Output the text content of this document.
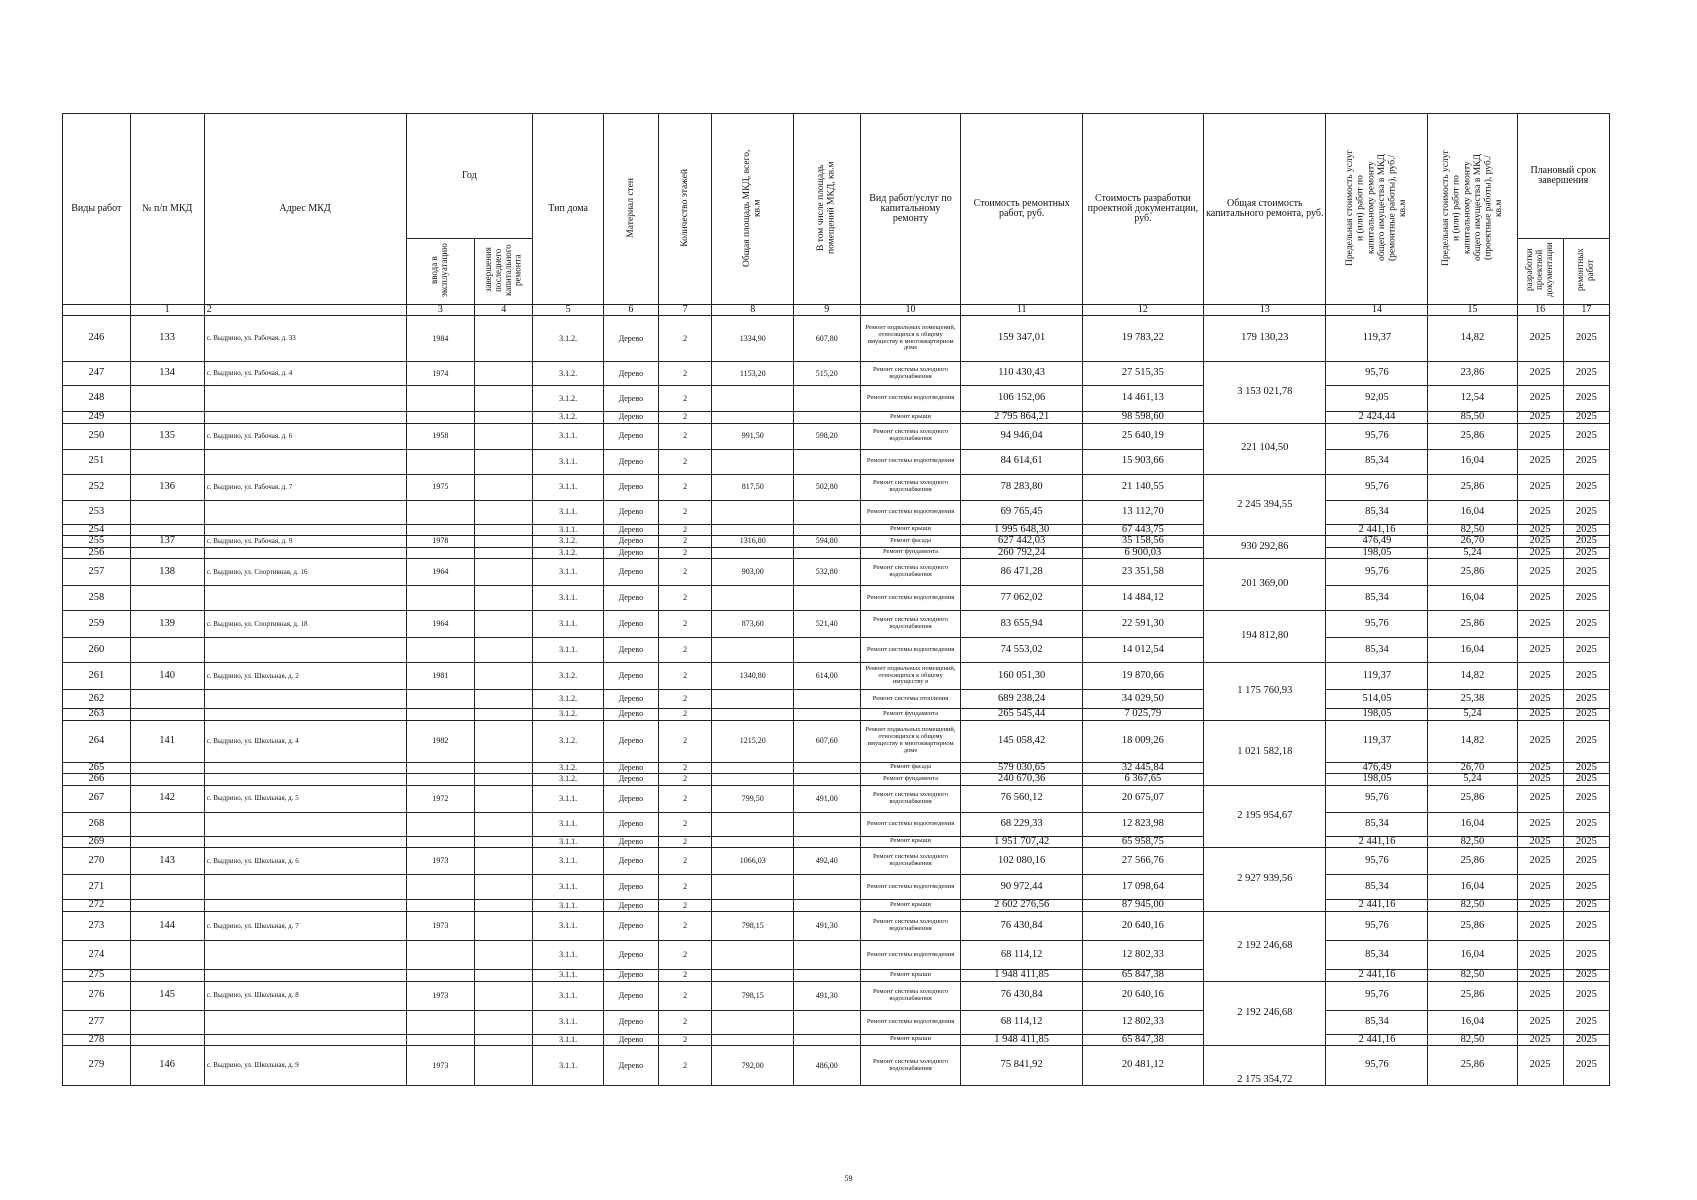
Виды работ	№ п/п МКД	Адрес МКД	Год		Тип дома	Материал стен	Количество этажей	Общая площадь МКД, всего, кв.м	В том числе площадь помещений МКД, кв.м	Вид работ/услуг по капитальному ремонту	Стоимость ремонтных работ, руб.	Стоимость разработки проектной документации, руб.	Общая стоимость капитального ремонта, руб.	Предельная стоимость услуг и (или) работ по капитальному ремонту общего имущества в МКД (ремонтные работы), руб./кв.м	Предельная стоимость услуг и (или) работ по капитальному ремонту общего имущества в МКД (проектные работы), руб./кв.м	Плановый срок завершения	
			ввода в эксплуатацию	завершения последнего капитального ремонта												разработки проектной документации	ремонтных работ
	1	2	3	4	5	6	7	8	9	10	11	12	13	14	15	16	17
246	133	с. Выдрино, ул. Рабочая, д. 33	1984		3.1.2.	Дерево	2	1334,90	607,80	Ремонт подвальных помещений, относящихся к общему имуществу в многоквартирном доме	159 347,01	19 783,22	179 130,23	119,37	14,82	2025	2025
247	134	с. Выдрино, ул. Рабочая, д. 4	1974		3.1.2.	Дерево	2	1153,20	515,20	Ремонт системы холодного водоснабжения	110 430,43	27 515,35	3 153 021,78	95,76	23,86	2025	2025
248					3.1.2.	Дерево	2			Ремонт системы водоотведения	106 152,06	14 461,13		92,05	12,54	2025	2025
249					3.1.2.	Дерево	2			Ремонт крыши	2 795 864,21	98 598,60		2 424,44	85,50	2025	2025
250	135	с. Выдрино, ул. Рабочая, д. 6	1958		3.1.1.	Дерево	2	991,50	598,20	Ремонт системы холодного водоснабжения	94 946,04	25 640,19	221 104,50	95,76	25,86	2025	2025
251					3.1.1.	Дерево	2			Ремонт системы водоотведения	84 614,61	15 903,66		85,34	16,04	2025	2025
252	136	с. Выдрино, ул. Рабочая, д. 7	1975		3.1.1.	Дерево	2	817,50	502,80	Ремонт системы холодного водоснабжения	78 283,80	21 140,55	2 245 394,55	95,76	25,86	2025	2025
253					3.1.1.	Дерево	2			Ремонт системы водоотведения	69 765,45	13 112,70		85,34	16,04	2025	2025
254					3.1.1.	Дерево	2			Ремонт крыши	1 995 648,30	67 443,75		2 441,16	82,50	2025	2025
255	137	с. Выдрино, ул. Рабочая, д. 9	1978		3.1.2.	Дерево	2	1316,80	594,80	Ремонт фасада	627 442,03	35 158,56	930 292,86	476,49	26,70	2025	2025
256					3.1.2.	Дерево	2			Ремонт фундамента	260 792,24	6 900,03		198,05	5,24	2025	2025
257	138	с. Выдрино, ул. Спортивная, д. 16	1964		3.1.1.	Дерево	2	903,00	532,80	Ремонт системы холодного водоснабжения	86 471,28	23 351,58	201 369,00	95,76	25,86	2025	2025
258					3.1.1.	Дерево	2			Ремонт системы водоотведения	77 062,02	14 484,12		85,34	16,04	2025	2025
259	139	с. Выдрино, ул. Спортивная, д. 18	1964		3.1.1.	Дерево	2	873,60	521,40	Ремонт системы холодного водоснабжения	83 655,94	22 591,30	194 812,80	95,76	25,86	2025	2025
260					3.1.1.	Дерево	2			Ремонт системы водоотведения	74 553,02	14 012,54		85,34	16,04	2025	2025
261	140	с. Выдрино, ул. Школьная, д. 2	1981		3.1.2.	Дерево	2	1340,80	614,00	Ремонт подвальных помещений, относящихся к общему имуществу в	160 051,30	19 870,66	1 175 760,93	119,37	14,82	2025	2025
262					3.1.2.	Дерево	2			Ремонт системы отопления	689 238,24	34 029,50		514,05	25,38	2025	2025
263					3.1.2.	Дерево	2			Ремонт фундамента	265 545,44	7 025,79		198,05	5,24	2025	2025
264	141	с. Выдрино, ул. Школьная, д. 4	1982		3.1.2.	Дерево	2	1215,20	607,60	Ремонт подвальных помещений, относящихся к общему имуществу в многоквартирном доме	145 058,42	18 009,26	1 021 582,18	119,37	14,82	2025	2025
265					3.1.2.	Дерево	2			Ремонт фасада	579 030,65	32 445,84		476,49	26,70	2025	2025
266					3.1.2.	Дерево	2			Ремонт фундамента	240 670,36	6 367,65		198,05	5,24	2025	2025
267	142	с. Выдрино, ул. Школьная, д. 5	1972		3.1.1.	Дерево	2	799,50	491,00	Ремонт системы холодного водоснабжения	76 560,12	20 675,07	2 195 954,67	95,76	25,86	2025	2025
268					3.1.1.	Дерево	2			Ремонт системы водоотведения	68 229,33	12 823,98		85,34	16,04	2025	2025
269					3.1.1.	Дерево	2			Ремонт крыши	1 951 707,42	65 958,75		2 441,16	82,50	2025	2025
270	143	с. Выдрино, ул. Школьная, д. 6	1973		3.1.1.	Дерево	2	1066,03	492,40	Ремонт системы холодного водоснабжения	102 080,16	27 566,76	2 927 939,56	95,76	25,86	2025	2025
271					3.1.1.	Дерево	2			Ремонт системы водоотведения	90 972,44	17 098,64		85,34	16,04	2025	2025
272					3.1.1.	Дерево	2			Ремонт крыши	2 602 276,56	87 945,00		2 441,16	82,50	2025	2025
273	144	с. Выдрино, ул. Школьная, д. 7	1973		3.1.1.	Дерево	2	798,15	491,30	Ремонт системы холодного водоснабжения	76 430,84	20 640,16	2 192 246,68	95,76	25,86	2025	2025
274					3.1.1.	Дерево	2			Ремонт системы водоотведения	68 114,12	12 802,33		85,34	16,04	2025	2025
275					3.1.1.	Дерево	2			Ремонт крыши	1 948 411,85	65 847,38		2 441,16	82,50	2025	2025
276	145	с. Выдрино, ул. Школьная, д. 8	1973		3.1.1.	Дерево	2	798,15	491,30	Ремонт системы холодного водоснабжения	76 430,84	20 640,16	2 192 246,68	95,76	25,86	2025	2025
277					3.1.1.	Дерево	2			Ремонт системы водоотведения	68 114,12	12 802,33		85,34	16,04	2025	2025
278					3.1.1.	Дерево	2			Ремонт крыши	1 948 411,85	65 847,38		2 441,16	82,50	2025	2025
279	146	с. Выдрино, ул. Школьная, д. 9	1973		3.1.1.	Дерево	2	792,00	486,00	Ремонт системы холодного водоснабжения	75 841,92	20 481,12	2 175 354,72	95,76	25,86	2025	2025
59
